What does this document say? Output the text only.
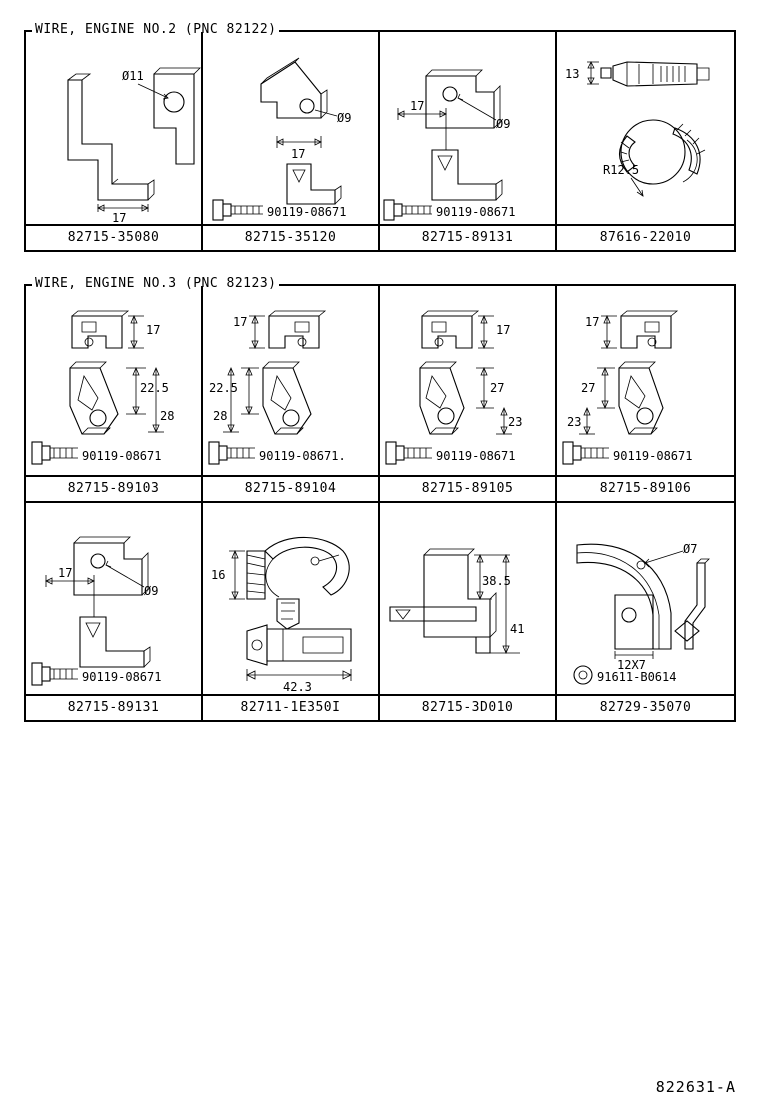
WIRE, ENGINE NO.2 (PNC 82122)
Ø11
17
82715-35080
Ø9
17
90119-08671
82715-35120
Ø9
17
90119-08671
82715-89131
13
R12.5
87616-22010
WIRE, ENGINE NO.3 (PNC 82123)
17
22.5
28
90119-08671
82715-89103
17
22.5
28
90119-08671.
82715-89104
17
27
23
90119-08671
82715-89105
17
27
23
90119-08671
82715-89106
Ø9
17
90119-08671
82715-89131
16
42.3
82711-1E350I
38.5
41
82715-3D010
Ø7
12X7
91611-B0614
82729-35070
822631-A
